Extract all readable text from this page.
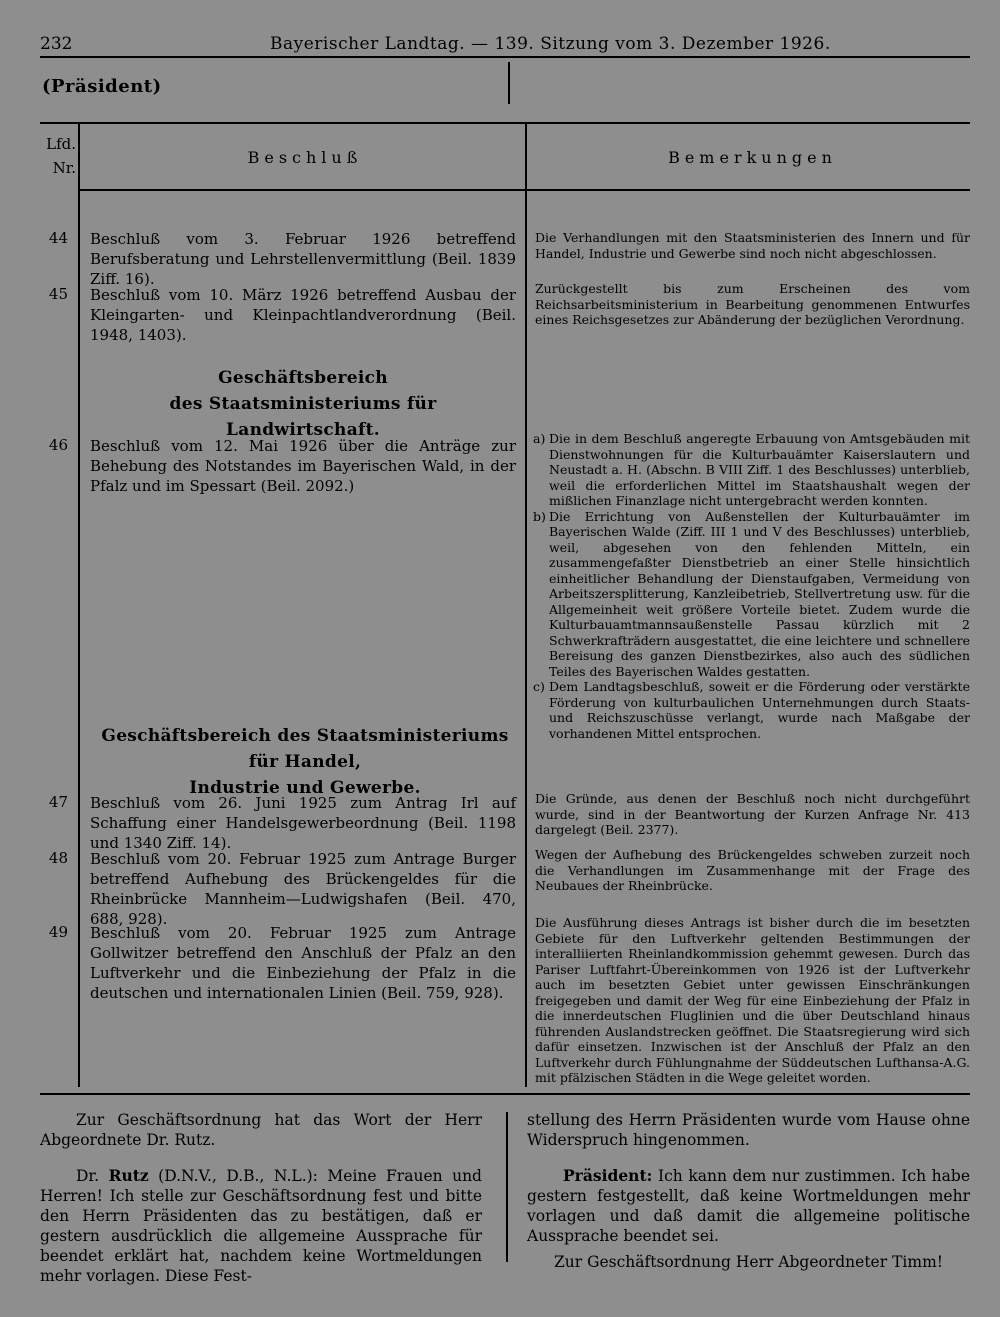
232	Bayerischer Landtag. — 139. Sitzung vom 3. Dezember 1926.
(Präsident)
Lfd.
Nr.
Beschluß	Bemerkungen
44 Beschluß vom 3. Februar 1926 betreffend Berufsberatung und Lehrstellenvermittlung (Beil. 1839 Ziff. 16).
Die Verhandlungen mit den Staatsministerien des Innern und für Handel, Industrie und Gewerbe sind noch nicht abgeschlossen.
45 Beschluß vom 10. März 1926 betreffend Ausbau der Kleingarten- und Kleinpachtlandverordnung (Beil. 1948, 1403).
Zurückgestellt bis zum Erscheinen des vom Reichsarbeitsministerium in Bearbeitung genommenen Entwurfes eines Reichsgesetzes zur Abänderung der bezüglichen Verordnung.
Geschäftsbereich
des Staatsministeriums für Landwirtschaft.
46 Beschluß vom 12. Mai 1926 über die Anträge zur Behebung des Notstandes im Bayerischen Wald, in der Pfalz und im Spessart (Beil. 2092.)
a) Die in dem Beschluß angeregte Erbauung von Amtsgebäuden mit Dienstwohnungen für die Kulturbauämter Kaiserslautern und Neustadt a. H. (Abschn. B VIII Ziff. 1 des Beschlusses) unterblieb, weil die erforderlichen Mittel im Staatshaushalt wegen der mißlichen Finanzlage nicht untergebracht werden konnten.
b) Die Errichtung von Außenstellen der Kulturbauämter im Bayerischen Walde (Ziff. III 1 und V des Beschlusses) unterblieb, weil, abgesehen von den fehlenden Mitteln, ein zusammengefaßter Dienstbetrieb an einer Stelle hinsichtlich einheitlicher Behandlung der Dienstaufgaben, Vermeidung von Arbeitszersplitterung, Kanzleibetrieb, Stellvertretung usw. für die Allgemeinheit weit größere Vorteile bietet. Zudem wurde die Kulturbauamtmannsaußenstelle Passau kürzlich mit 2 Schwerkrafträdern ausgestattet, die eine leichtere und schnellere Bereisung des ganzen Dienstbezirkes, also auch des südlichen Teiles des Bayerischen Waldes gestatten.
c) Dem Landtagsbeschluß, soweit er die Förderung oder verstärkte Förderung von kulturbaulichen Unternehmungen durch Staats- und Reichszuschüsse verlangt, wurde nach Maßgabe der vorhandenen Mittel entsprochen.
Geschäftsbereich des Staatsministeriums für Handel,
Industrie und Gewerbe.
47 Beschluß vom 26. Juni 1925 zum Antrag Irl auf Schaffung einer Handelsgewerbeordnung (Beil. 1198 und 1340 Ziff. 14).
Die Gründe, aus denen der Beschluß noch nicht durchgeführt wurde, sind in der Beantwortung der Kurzen Anfrage Nr. 413 dargelegt (Beil. 2377).
48 Beschluß vom 20. Februar 1925 zum Antrage Burger betreffend Aufhebung des Brückengeldes für die Rheinbrücke Mannheim—Ludwigshafen (Beil. 470, 688, 928).
Wegen der Aufhebung des Brückengeldes schweben zurzeit noch die Verhandlungen im Zusammenhange mit der Frage des Neubaues der Rheinbrücke.
49 Beschluß vom 20. Februar 1925 zum Antrage Gollwitzer betreffend den Anschluß der Pfalz an den Luftverkehr und die Einbeziehung der Pfalz in die deutschen und internationalen Linien (Beil. 759, 928).
Die Ausführung dieses Antrags ist bisher durch die im besetzten Gebiete für den Luftverkehr geltenden Bestimmungen der interalliierten Rheinlandkommission gehemmt gewesen. Durch das Pariser Luftfahrt-Übereinkommen von 1926 ist der Luftverkehr auch im besetzten Gebiet unter gewissen Einschränkungen freigegeben und damit der Weg für eine Einbeziehung der Pfalz in die innerdeutschen Fluglinien und die über Deutschland hinaus führenden Auslandstrecken geöffnet. Die Staatsregierung wird sich dafür einsetzen. Inzwischen ist der Anschluß der Pfalz an den Luftverkehr durch Fühlungnahme der Süddeutschen Lufthansa-A.G. mit pfälzischen Städten in die Wege geleitet worden.

Zur Geschäftsordnung hat das Wort der Herr Abgeordnete Dr. Rutz.

Dr. Rutz (D.N.V., D.B., N.L.): Meine Frauen und Herren! Ich stelle zur Geschäftsordnung fest und bitte den Herrn Präsidenten das zu bestätigen, daß er gestern ausdrücklich die allgemeine Aussprache für beendet erklärt hat, nachdem keine Wortmeldungen mehr vorlagen. Diese Fest-

stellung des Herrn Präsidenten wurde vom Hause ohne Widerspruch hingenommen.

Präsident: Ich kann dem nur zustimmen. Ich habe gestern festgestellt, daß keine Wortmeldungen mehr vorlagen und daß damit die allgemeine politische Aussprache beendet sei.

Zur Geschäftsordnung Herr Abgeordneter Timm!
